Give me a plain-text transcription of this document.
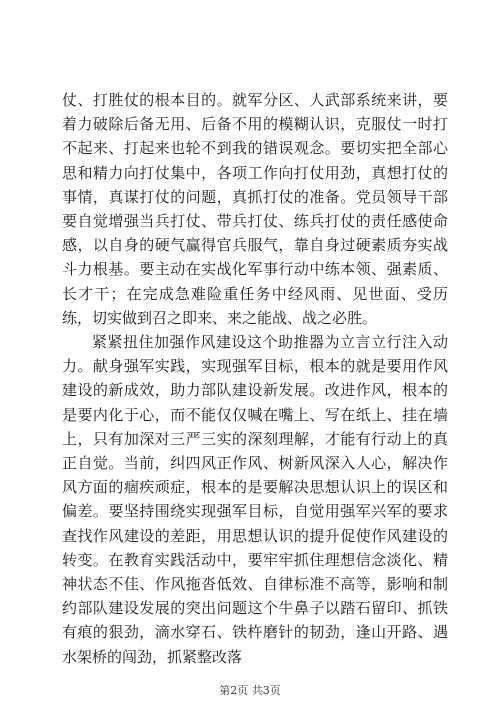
仗、打胜仗的根本目的。就军分区、人武部系统来讲，要着力破除后备无用、后备不用的模糊认识，克服仗一时打不起来、打起来也轮不到我的错误观念。要切实把全部心思和精力向打仗集中，各项工作向打仗用劲，真想打仗的事情，真谋打仗的问题，真抓打仗的准备。党员领导干部要自觉增强当兵打仗、带兵打仗、练兵打仗的责任感使命感，以自身的硬气赢得官兵服气，靠自身过硬素质夯实战斗力根基。要主动在实战化军事行动中练本领、强素质、长才干；在完成急难险重任务中经风雨、见世面、受历练，切实做到召之即来、来之能战、战之必胜。

紧紧扭住加强作风建设这个助推器为立言立行注入动力。献身强军实践，实现强军目标，根本的就是要用作风建设的新成效，助力部队建设新发展。改进作风，根本的是要内化于心，而不能仅仅喊在嘴上、写在纸上、挂在墙上，只有加深对三严三实的深刻理解，才能有行动上的真正自觉。当前，纠四风正作风、树新风深入人心，解决作风方面的痼疾顽症，根本的是要解决思想认识上的误区和偏差。要坚持围绕实现强军目标，自觉用强军兴军的要求查找作风建设的差距，用思想认识的提升促使作风建设的转变。在教育实践活动中，要牢牢抓住理想信念淡化、精神状态不佳、作风拖沓低效、自律标准不高等，影响和制约部队建设发展的突出问题这个牛鼻子以踏石留印、抓铁有痕的狠劲，滴水穿石、铁杵磨针的韧劲，逢山开路、遇水架桥的闯劲，抓紧整改落

第2页 共3页
